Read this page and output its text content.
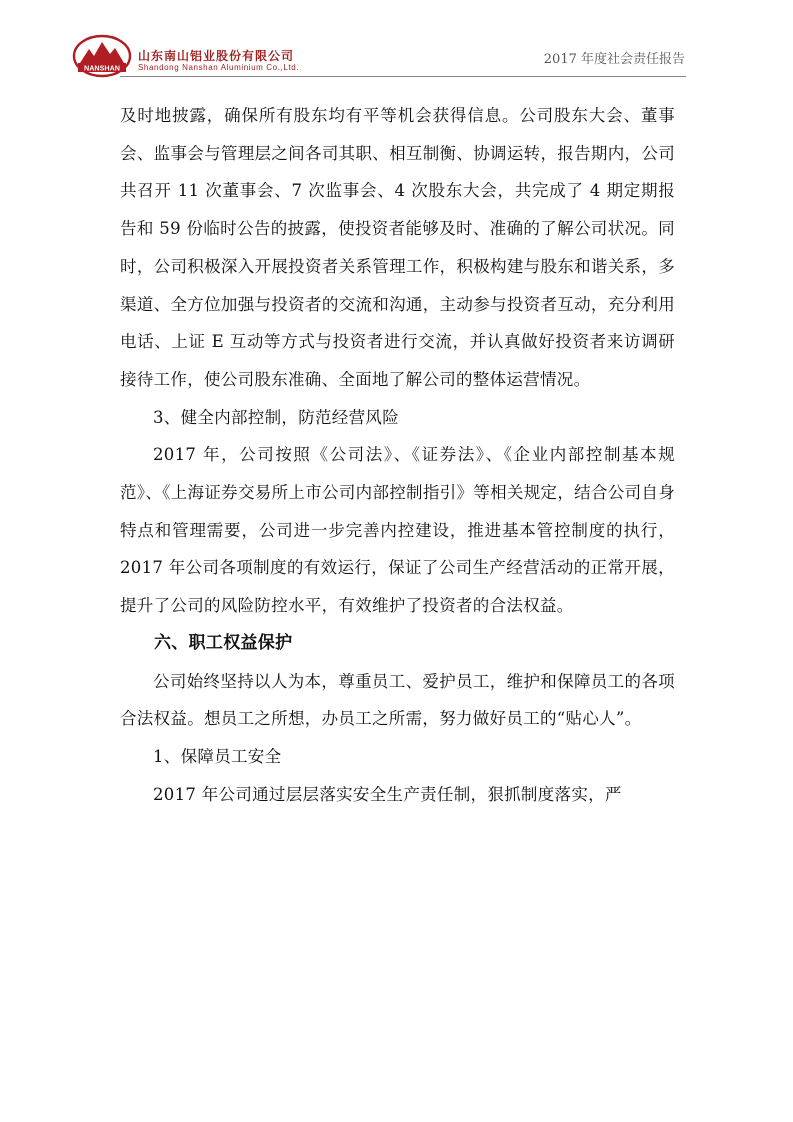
NANSHAN
山东南山铝业股份有限公司
Shandong Nanshan Aluminium Co.,Ltd.
2017 年度社会责任报告

及时地披露，确保所有股东均有平等机会获得信息。公司股东大会、董事会、监事会与管理层之间各司其职、相互制衡、协调运转，报告期内，公司共召开 11 次董事会、7 次监事会、4 次股东大会，共完成了 4 期定期报告和 59 份临时公告的披露，使投资者能够及时、准确的了解公司状况。同时，公司积极深入开展投资者关系管理工作，积极构建与股东和谐关系，多渠道、全方位加强与投资者的交流和沟通，主动参与投资者互动，充分利用电话、上证 E 互动等方式与投资者进行交流，并认真做好投资者来访调研接待工作，使公司股东准确、全面地了解公司的整体运营情况。

3、健全内部控制，防范经营风险

2017 年，公司按照《公司法》、《证券法》、《企业内部控制基本规范》、《上海证券交易所上市公司内部控制指引》等相关规定，结合公司自身特点和管理需要，公司进一步完善内控建设，推进基本管控制度的执行，2017 年公司各项制度的有效运行，保证了公司生产经营活动的正常开展，提升了公司的风险防控水平，有效维护了投资者的合法权益。

六、职工权益保护

公司始终坚持以人为本，尊重员工、爱护员工，维护和保障员工的各项合法权益。想员工之所想，办员工之所需，努力做好员工的“贴心人”。

1、保障员工安全

2017 年公司通过层层落实安全生产责任制，狠抓制度落实，严
